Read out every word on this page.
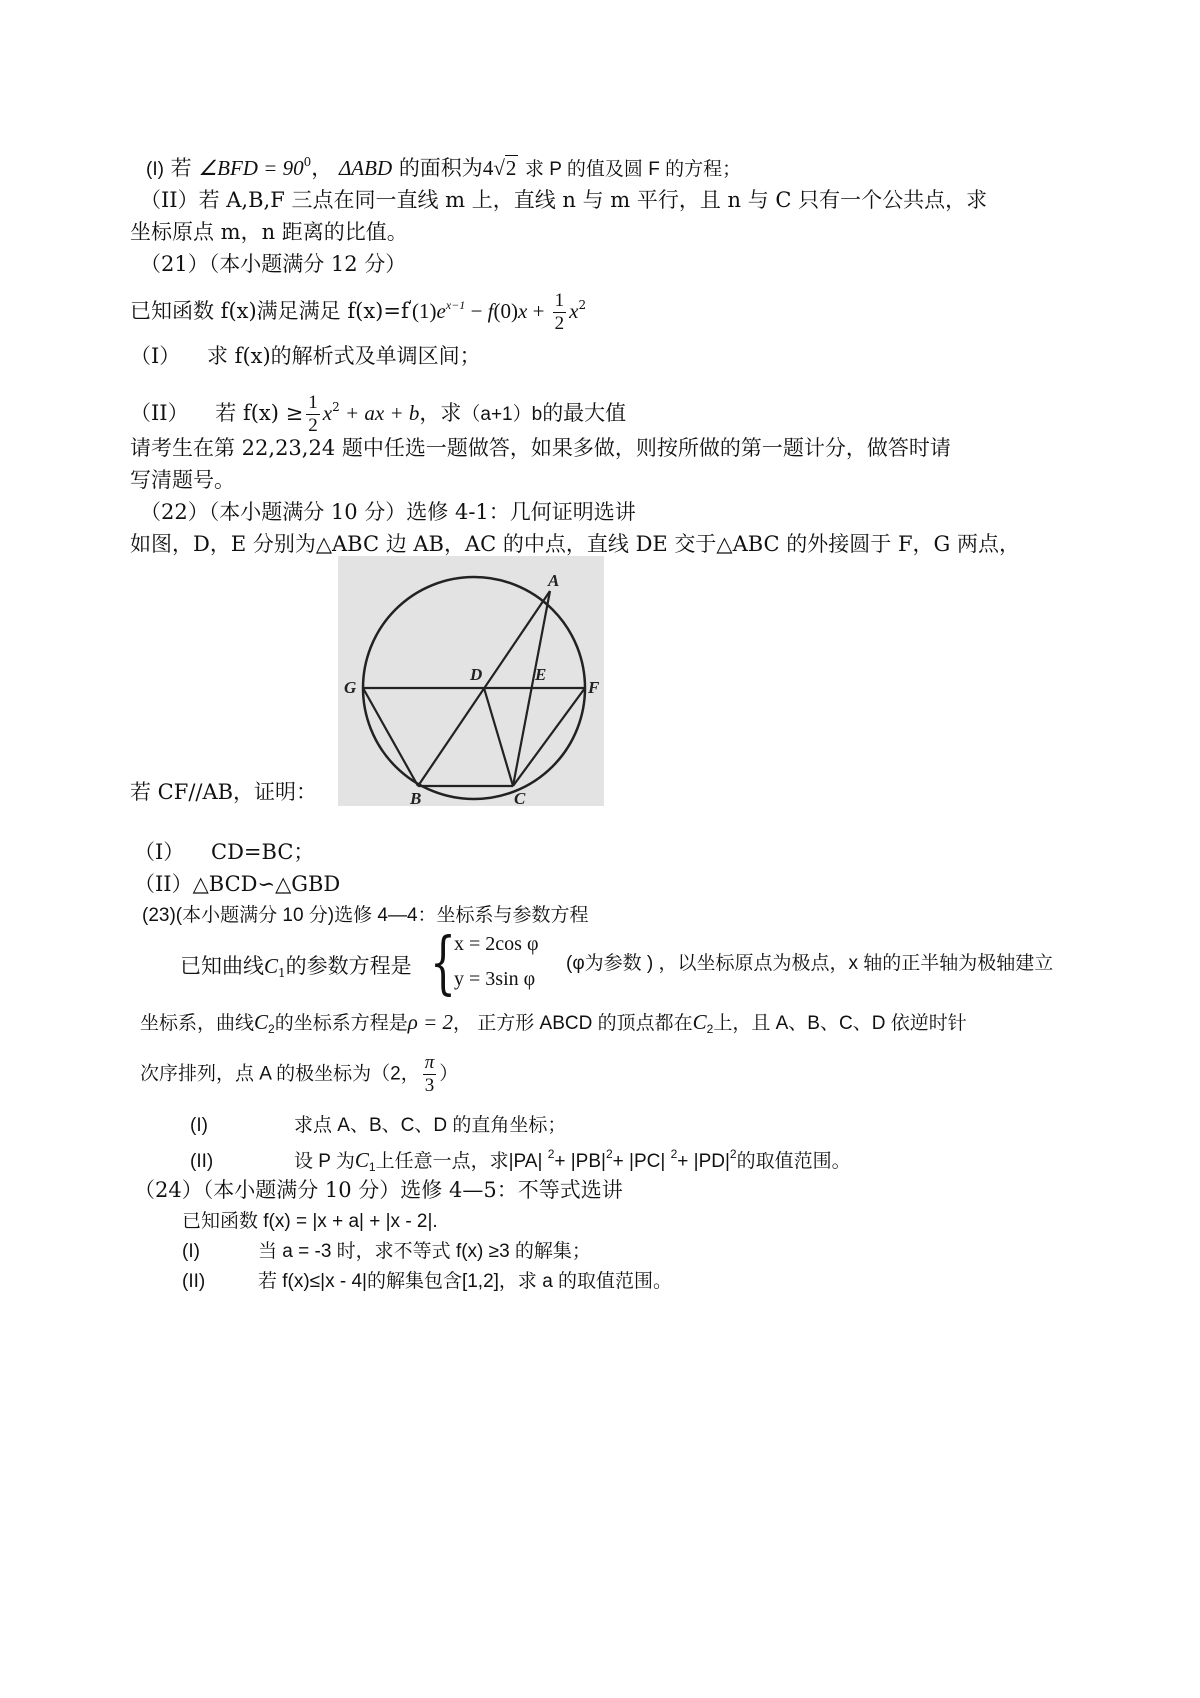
(I) 若 ∠BFD = $90^0$， ΔABD 的面积为4√2 求 P 的值及圆 F 的方程；
（II）若 A,B,F 三点在同一直线 m 上，直线 n 与 m 平行，且 n 与 C 只有一个公共点，求
坐标原点 m，n 距离的比值。
（21）（本小题满分 12 分）
已知函数 f(x)满足满足 $f(x)=f'(1)e^{x-1} - f(0)x + \frac{1}{2} x^2$
（I） 求 f(x)的解析式及单调区间；
（II） 若 $f(x) \ge \frac{1}{2} x^2$ + ax + b，求（a+1）b的最大值
请考生在第 22,23,24 题中任选一题做答，如果多做，则按所做的第一题计分，做答时请
写清题号。
（22）（本小题满分 10 分）选修 4-1：几何证明选讲
如图，D，E 分别为△ABC 边 AB，AC 的中点，直线 DE 交于△ABC 的外接圆于 F，G 两点，
A
D	E
G	F
B	C
若 CF//AB，证明：
（I） CD=BC；
（II）△BCD∽△GBD
(23)(本小题满分 10 分)选修 4—4：坐标系与参数方程
已知曲线$C_1$的参数方程是 {
x = 2cos φ
y = 3sin φ
(φ为参数 ) ，以坐标原点为极点，x 轴的正半轴为极轴建立
坐标系，曲线$C_2$的坐标系方程是ρ = 2， 正方形 ABCD 的顶点都在$C_2$上，且 A、B、C、D 依逆时针
次序排列，点 A 的极坐标为（2， $\frac{\pi}{3}$ ）
(I)	求点 A、B、C、D 的直角坐标；
(II)	设 P 为$C_1$上任意一点，求|PA| $^2+ |PB|^2+ |PC|$ $^2+ |PD|^2$的取值范围。
（24）（本小题满分 10 分）选修 4—5：不等式选讲
已知函数 f(x) = |x + a| + |x - 2|.
(I)	当 a = -3 时，求不等式 f(x) ≥3 的解集；
(II)	若 f(x)≤|x - 4|的解集包含[1,2]，求 a 的取值范围。
